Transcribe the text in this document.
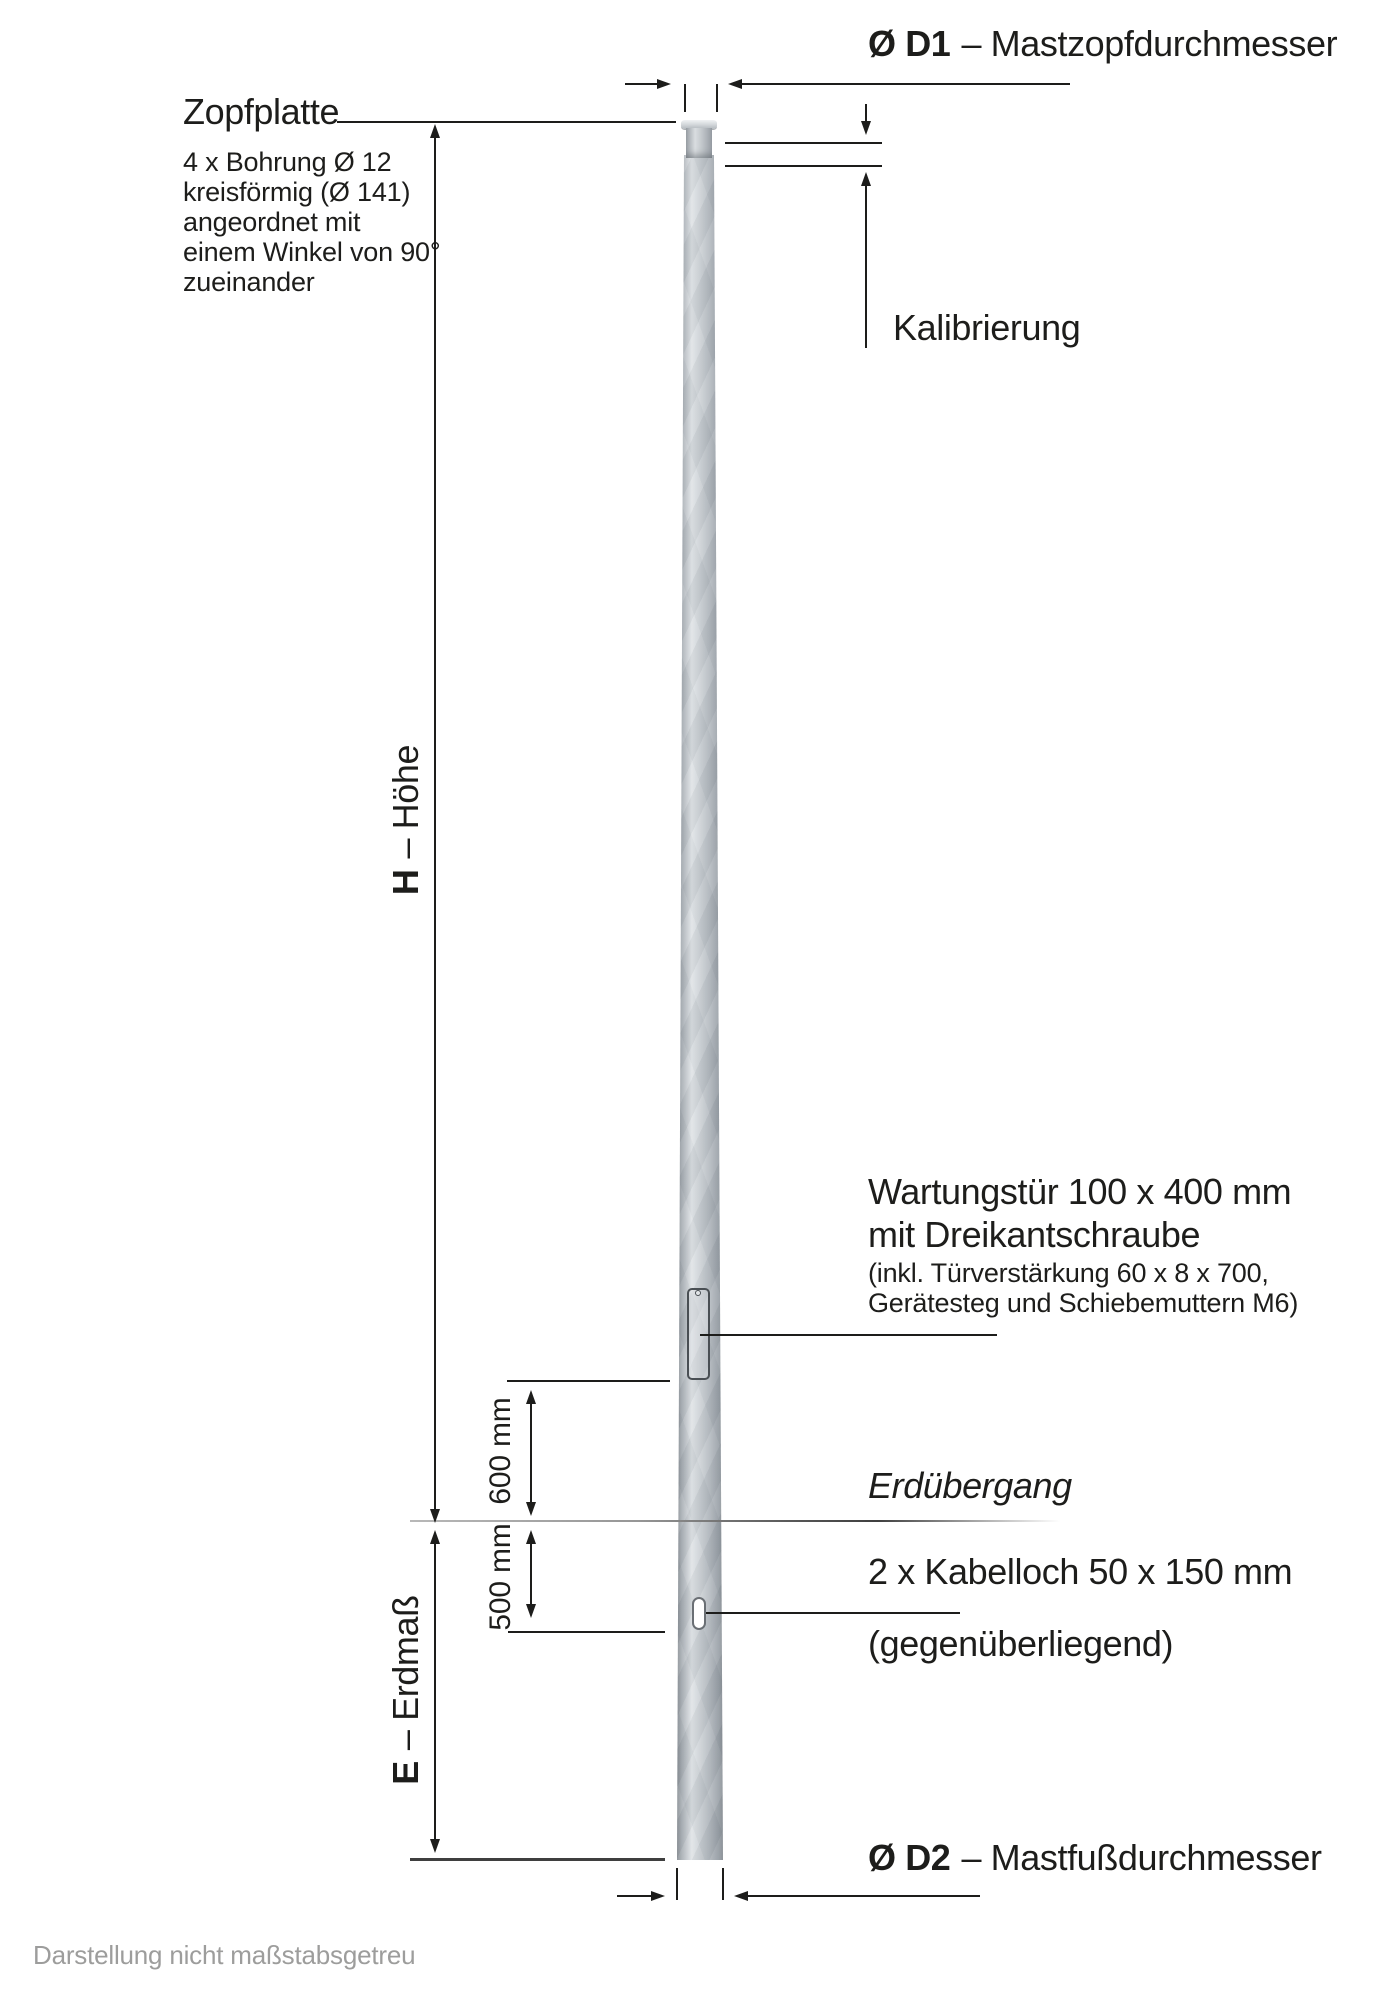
Ø D1 – Mastzopfdurchmesser
Zopfplatte
4 x Bohrung Ø 12
kreisförmig (Ø 141)
angeordnet mit
einem Winkel von 90°
zueinander
Kalibrierung
H
– Höhe
Wartungstür 100 x 400 mm
mit Dreikantschraube
(inkl. Türverstärkung 60 x 8 x 700,
Gerätesteg und Schiebemuttern M6)
600 mm	Erdübergang
500 mm	2 x Kabelloch 50 x 150 mm
(gegenüberliegend)
E
– Erdmaß
Ø D2 – Mastfußdurchmesser
Darstellung nicht maßstabsgetreu
